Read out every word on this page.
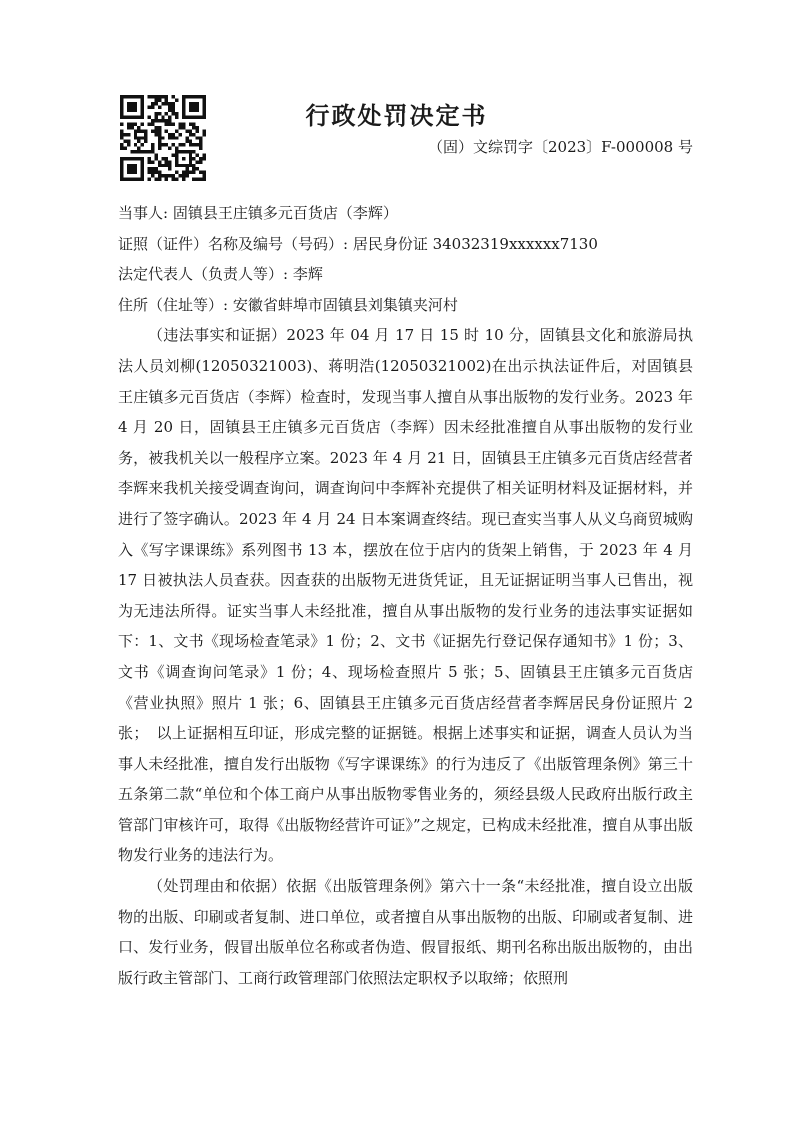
行政处罚决定书
（固）文综罚字〔2023〕F-000008 号

当事人: 固镇县王庄镇多元百货店（李辉）

证照（证件）名称及编号（号码）: 居民身份证 34032319xxxxxx7130

法定代表人（负责人等）: 李辉

住所（住址等）: 安徽省蚌埠市固镇县刘集镇夹河村

（违法事实和证据）2023 年 04 月 17 日 15 时 10 分，固镇县文化和旅游局执法人员刘柳(12050321003)、蒋明浩(12050321002)在出示执法证件后，对固镇县王庄镇多元百货店（李辉）检查时，发现当事人擅自从事出版物的发行业务。2023 年 4 月 20 日，固镇县王庄镇多元百货店（李辉）因未经批准擅自从事出版物的发行业务，被我机关以一般程序立案。2023 年 4 月 21 日，固镇县王庄镇多元百货店经营者李辉来我机关接受调查询问，调查询问中李辉补充提供了相关证明材料及证据材料，并进行了签字确认。2023 年 4 月 24 日本案调查终结。现已查实当事人从义乌商贸城购入《写字课课练》系列图书 13 本，摆放在位于店内的货架上销售，于 2023 年 4 月 17 日被执法人员查获。因查获的出版物无进货凭证，且无证据证明当事人已售出，视为无违法所得。证实当事人未经批准，擅自从事出版物的发行业务的违法事实证据如下：1、文书《现场检查笔录》1 份；2、文书《证据先行登记保存通知书》1 份；3、文书《调查询问笔录》1 份；4、现场检查照片 5 张；5、固镇县王庄镇多元百货店《营业执照》照片 1 张；6、固镇县王庄镇多元百货店经营者李辉居民身份证照片 2 张；　以上证据相互印证，形成完整的证据链。根据上述事实和证据，调查人员认为当事人未经批准，擅自发行出版物《写字课课练》的行为违反了《出版管理条例》第三十五条第二款“单位和个体工商户从事出版物零售业务的，须经县级人民政府出版行政主管部门审核许可，取得《出版物经营许可证》”之规定，已构成未经批准，擅自从事出版物发行业务的违法行为。

（处罚理由和依据）依据《出版管理条例》第六十一条“未经批准，擅自设立出版物的出版、印刷或者复制、进口单位，或者擅自从事出版物的出版、印刷或者复制、进口、发行业务，假冒出版单位名称或者伪造、假冒报纸、期刊名称出版出版物的，由出版行政主管部门、工商行政管理部门依照法定职权予以取缔；依照刑
